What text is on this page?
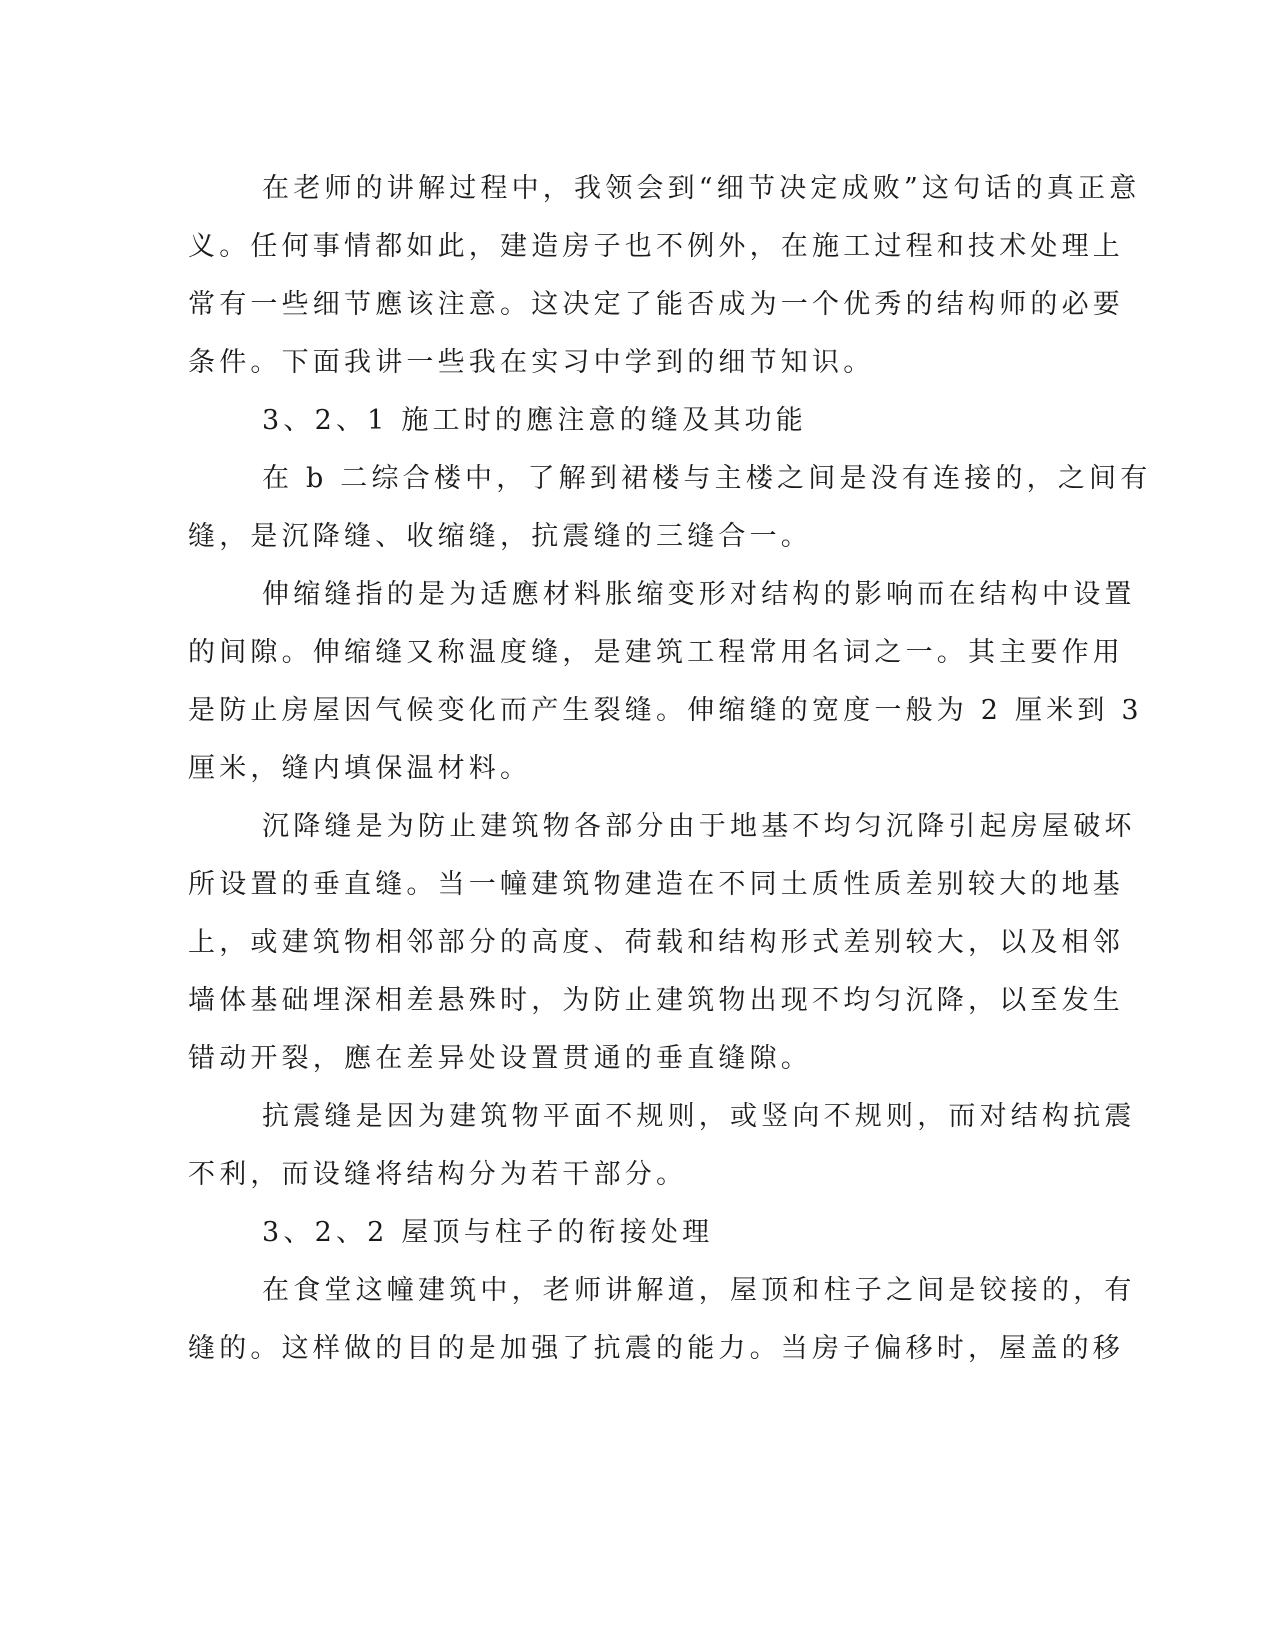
在老师的讲解过程中，我领会到“细节决定成败”这句话的真正意
义。任何事情都如此，建造房子也不例外，在施工过程和技术处理上
常有一些细节應该注意。这决定了能否成为一个优秀的结构师的必要
条件。下面我讲一些我在实习中学到的细节知识。
3、2、1 施工时的應注意的缝及其功能
在 b 二综合楼中，了解到裙楼与主楼之间是没有连接的，之间有
缝，是沉降缝、收缩缝，抗震缝的三缝合一。
伸缩缝指的是为适應材料胀缩变形对结构的影响而在结构中设置
的间隙。伸缩缝又称温度缝，是建筑工程常用名词之一。其主要作用
是防止房屋因气候变化而产生裂缝。伸缩缝的宽度一般为 2 厘米到 3
厘米，缝内填保温材料。
沉降缝是为防止建筑物各部分由于地基不均匀沉降引起房屋破坏
所设置的垂直缝。当一幢建筑物建造在不同土质性质差别较大的地基
上，或建筑物相邻部分的高度、荷载和结构形式差别较大，以及相邻
墙体基础埋深相差悬殊时，为防止建筑物出现不均匀沉降，以至发生
错动开裂，應在差异处设置贯通的垂直缝隙。
抗震缝是因为建筑物平面不规则，或竖向不规则，而对结构抗震
不利，而设缝将结构分为若干部分。
3、2、2 屋顶与柱子的衔接处理
在食堂这幢建筑中，老师讲解道，屋顶和柱子之间是铰接的，有
缝的。这样做的目的是加强了抗震的能力。当房子偏移时，屋盖的移
